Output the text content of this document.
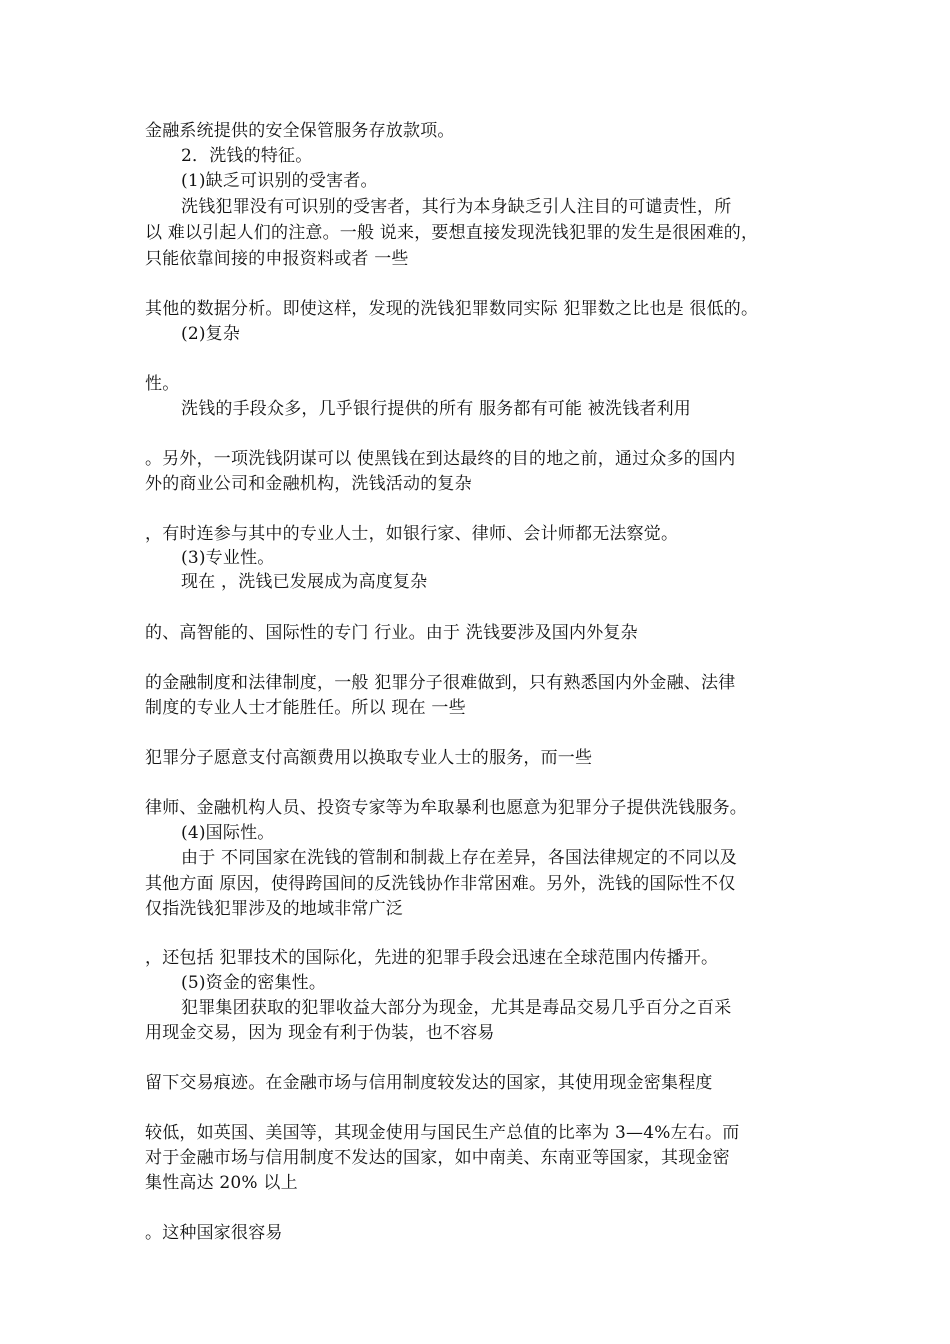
金融系统提供的安全保管服务存放款项。
2．洗钱的特征。
(1)缺乏可识别的受害者。
洗钱犯罪没有可识别的受害者，其行为本身缺乏引人注目的可谴责性，所
以 难以引起人们的注意。一般 说来，要想直接发现洗钱犯罪的发生是很困难的，
只能依靠间接的申报资料或者 一些
其他的数据分析。即使这样，发现的洗钱犯罪数同实际 犯罪数之比也是 很低的。
(2)复杂
性。
洗钱的手段众多，几乎银行提供的所有 服务都有可能 被洗钱者利用
。另外，一项洗钱阴谋可以 使黑钱在到达最终的目的地之前，通过众多的国内
外的商业公司和金融机构，洗钱活动的复杂
，有时连参与其中的专业人士，如银行家、律师、会计师都无法察觉。
(3)专业性。
现在 ，洗钱已发展成为高度复杂
的、高智能的、国际性的专门 行业。由于 洗钱要涉及国内外复杂
的金融制度和法律制度，一般 犯罪分子很难做到，只有熟悉国内外金融、法律
制度的专业人士才能胜任。所以 现在 一些
犯罪分子愿意支付高额费用以换取专业人士的服务，而一些
律师、金融机构人员、投资专家等为牟取暴利也愿意为犯罪分子提供洗钱服务。
(4)国际性。
由于 不同国家在洗钱的管制和制裁上存在差异，各国法律规定的不同以及
其他方面 原因，使得跨国间的反洗钱协作非常困难。另外，洗钱的国际性不仅
仅指洗钱犯罪涉及的地域非常广泛
，还包括 犯罪技术的国际化，先进的犯罪手段会迅速在全球范围内传播开。
(5)资金的密集性。
犯罪集团获取的犯罪收益大部分为现金，尤其是毒品交易几乎百分之百采
用现金交易，因为 现金有利于伪装，也不容易
留下交易痕迹。在金融市场与信用制度较发达的国家，其使用现金密集程度
较低，如英国、美国等，其现金使用与国民生产总值的比率为 3—4%左右。而
对于金融市场与信用制度不发达的国家，如中南美、东南亚等国家，其现金密
集性高达 20% 以上
。这种国家很容易
